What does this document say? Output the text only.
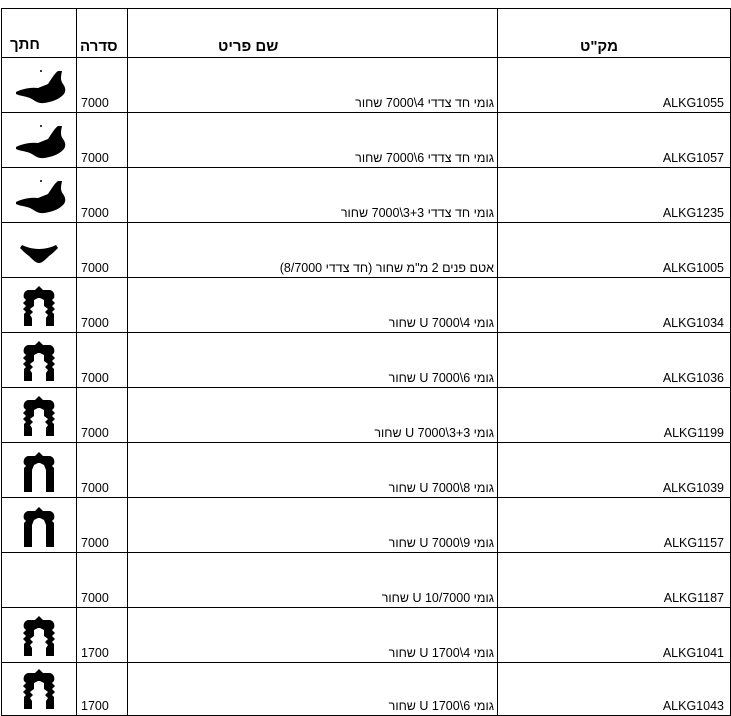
חתך	סדרה	שם פריט	מק"ט

	7000	גומי חד צדדי 4\7000 שחור	ALKG1055

	7000	גומי חד צדדי 6\7000 שחור	ALKG1057

	7000	גומי חד צדדי 3+3\7000 שחור	ALKG1235

	7000	אטם פנים 2 מ"מ שחור (חד צדדי 8/7000)	ALKG1005

	7000	גומי 4\7000 U שחור	ALKG1034

	7000	גומי 6\7000 U שחור	ALKG1036

	7000	גומי 3+3\7000 U שחור	ALKG1199

	7000	גומי 8\7000 U שחור	ALKG1039

	7000	גומי 9\7000 U שחור	ALKG1157
	7000	גומי 10/7000 U שחור	ALKG1187

	1700	גומי 4\1700 U שחור	ALKG1041

	1700	גומי 6\1700 U שחור	ALKG1043
